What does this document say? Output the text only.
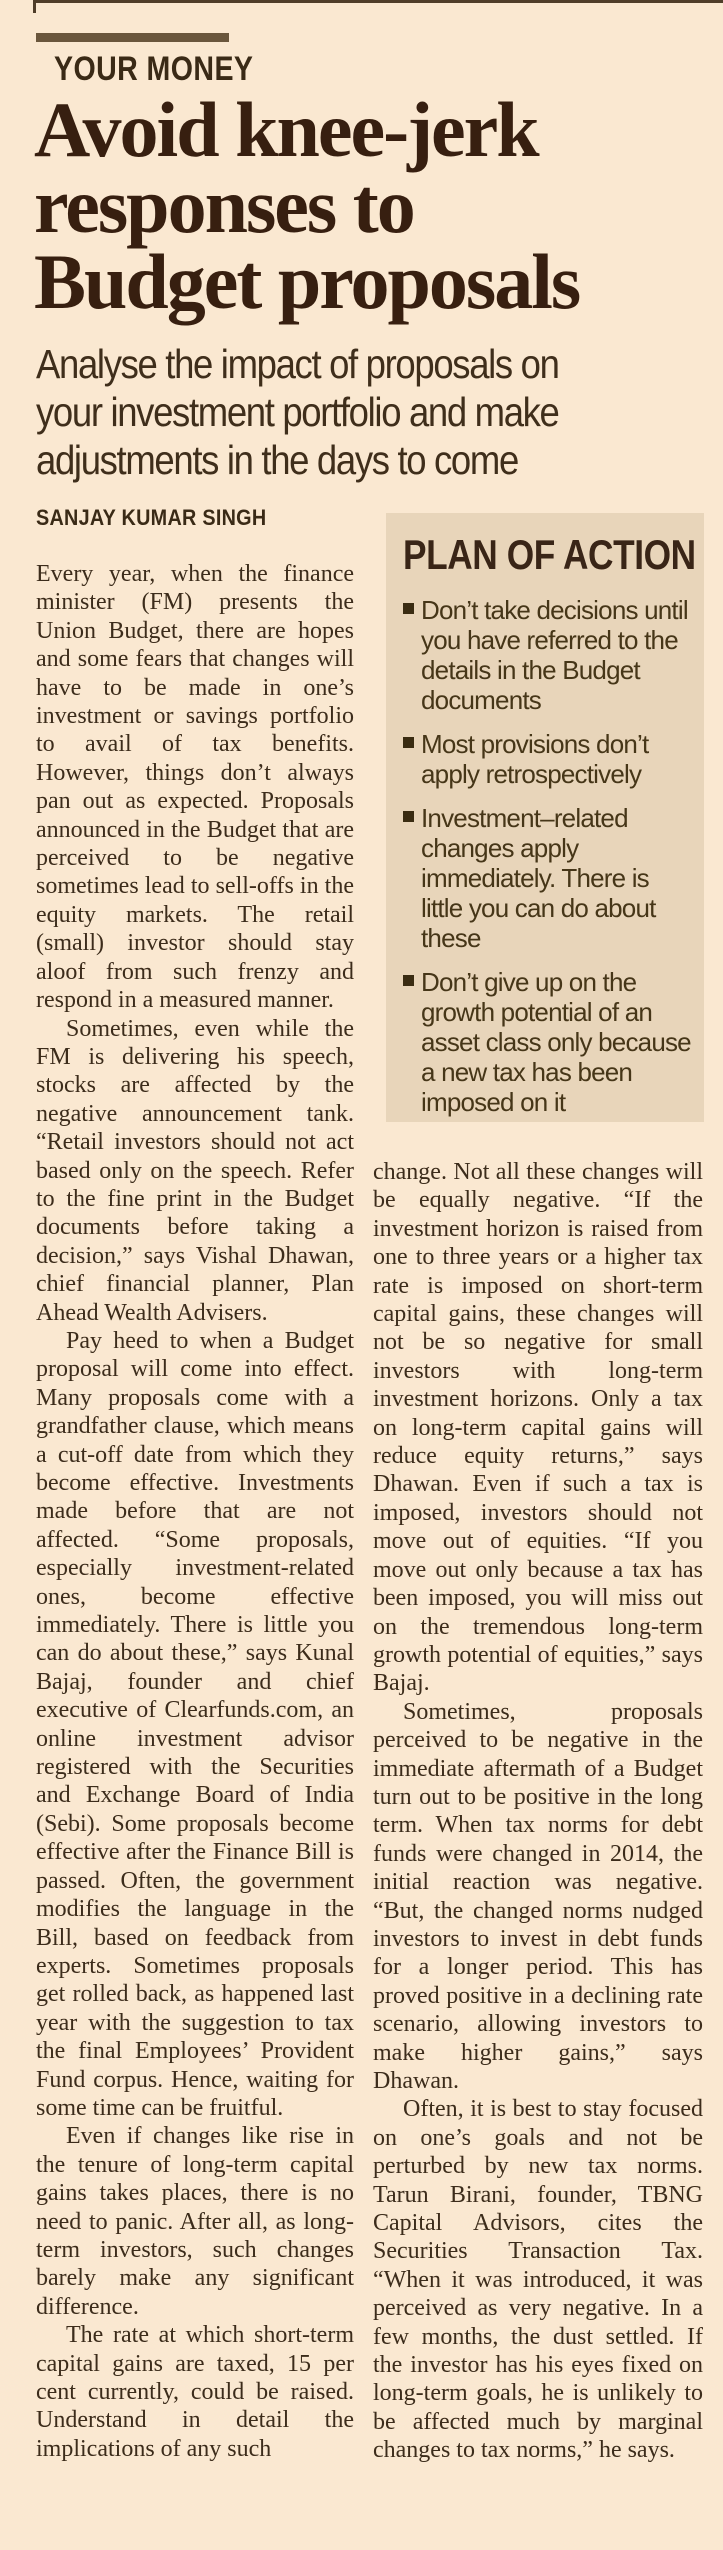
YOUR MONEY
Avoid knee-jerk
responses to
Budget proposals
Analyse the impact of proposals on
your investment portfolio and make
adjustments in the days to come
SANJAY KUMAR SINGH

Every year, when the finance minister (FM) presents the Union Budget, there are hopes and some fears that changes will have to be made in one’s investment or savings portfolio to avail of tax benefits. However, things don’t always pan out as expected. Proposals announced in the Budget that are perceived to be negative sometimes lead to sell-offs in the equity markets. The retail (small) investor should stay aloof from such frenzy and respond in a measured manner.

Sometimes, even while the FM is delivering his speech, stocks are affected by the negative announcement tank. “Retail investors should not act based only on the speech. Refer to the fine print in the Budget documents before taking a decision,” says Vishal Dhawan, chief financial planner, Plan Ahead Wealth Advisers.

Pay heed to when a Budget proposal will come into effect. Many proposals come with a grandfather clause, which means a cut-off date from which they become effective. Investments made before that are not affected. “Some proposals, especially investment-related ones, become effective immediately. There is little you can do about these,” says Kunal Bajaj, founder and chief executive of Clearfunds.com, an online investment advisor registered with the Securities and Exchange Board of India (Sebi). Some proposals become effective after the Finance Bill is passed. Often, the government modifies the language in the Bill, based on feedback from experts. Sometimes proposals get rolled back, as happened last year with the suggestion to tax the final Employees’ Provident Fund corpus. Hence, waiting for some time can be fruitful.

Even if changes like rise in the tenure of long-term capital gains takes places, there is no need to panic. After all, as long-term investors, such changes barely make any significant difference.

The rate at which short-term capital gains are taxed, 15 per cent currently, could be raised. Understand in detail the implications of any such

PLAN OF ACTION
Don’t take decisions until you have referred to the details in the Budget documents
Most provisions don’t apply retrospectively
Investment–related changes apply immediately. There is little you can do about these
Don’t give up on the growth potential of an asset class only because a new tax has been imposed on it

change. Not all these changes will be equally negative. “If the investment horizon is raised from one to three years or a higher tax rate is imposed on short-term capital gains, these changes will not be so negative for small investors with long-term investment horizons. Only a tax on long-term capital gains will reduce equity returns,” says Dhawan. Even if such a tax is imposed, investors should not move out of equities. “If you move out only because a tax has been imposed, you will miss out on the tremendous long-term growth potential of equities,” says Bajaj.

Sometimes, proposals perceived to be negative in the immediate aftermath of a Budget turn out to be positive in the long term. When tax norms for debt funds were changed in 2014, the initial reaction was negative. “But, the changed norms nudged investors to invest in debt funds for a longer period. This has proved positive in a declining rate scenario, allowing investors to make higher gains,” says Dhawan.

Often, it is best to stay focused on one’s goals and not be perturbed by new tax norms. Tarun Birani, founder, TBNG Capital Advisors, cites the Securities Transaction Tax. “When it was introduced, it was perceived as very negative. In a few months, the dust settled. If the investor has his eyes fixed on long-term goals, he is unlikely to be affected much by marginal changes to tax norms,” he says.
